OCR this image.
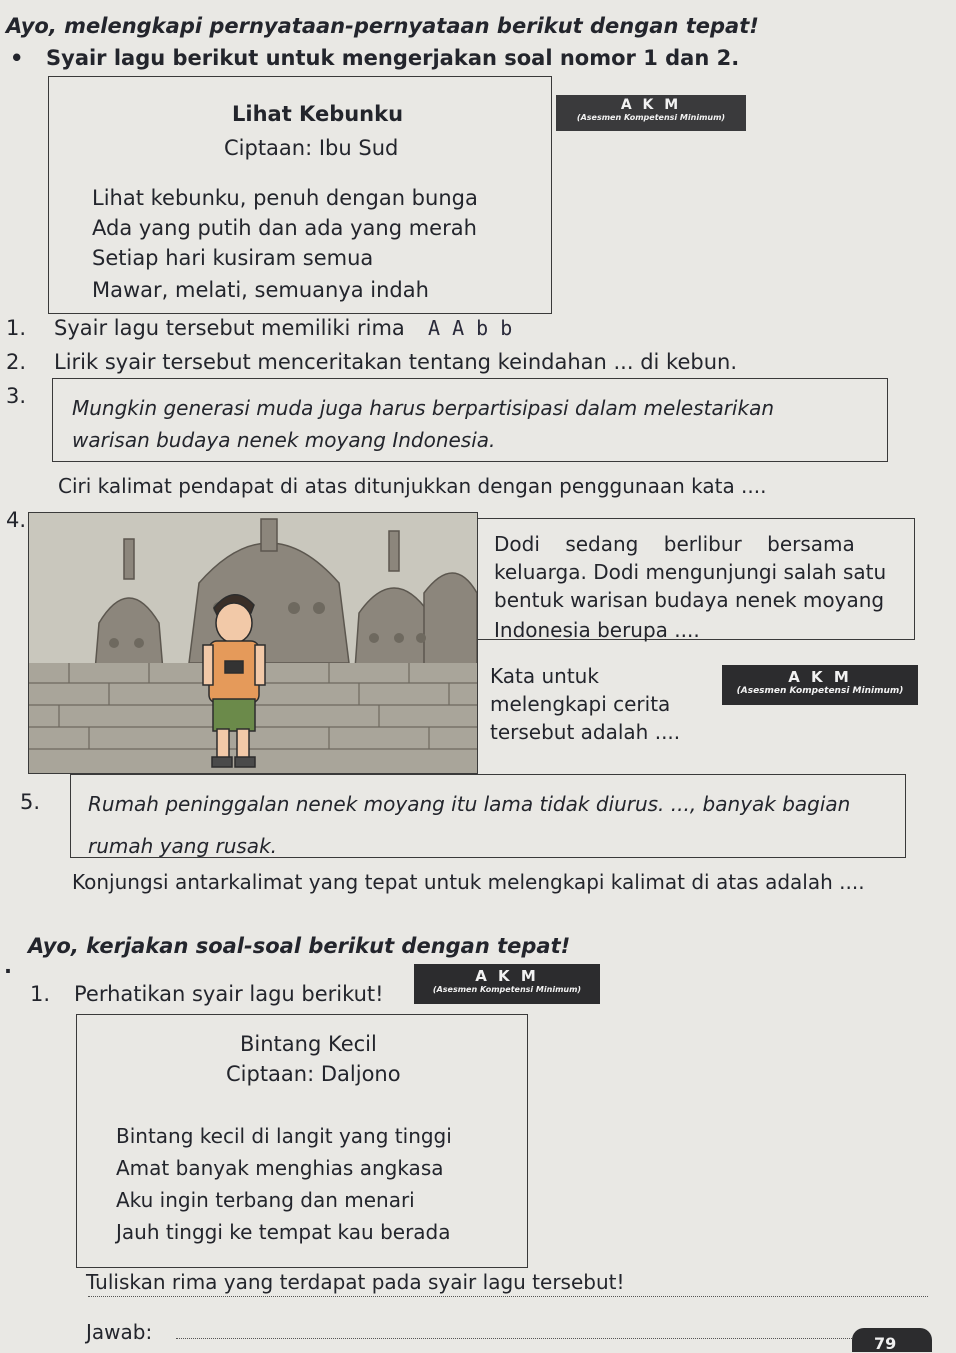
Ayo, melengkapi pernyataan-pernyataan berikut dengan tepat!
• Syair lagu berikut untuk mengerjakan soal nomor 1 dan 2.
Lihat Kebunku
Ciptaan: Ibu Sud
Lihat kebunku, penuh dengan bunga
Ada yang putih dan ada yang merah
Setiap hari kusiram semua
Mawar, melati, semuanya indah
A K M
(Asesmen Kompetensi Minimum)
1. Syair lagu tersebut memiliki rima A A b b
2. Lirik syair tersebut menceritakan tentang keindahan ... di kebun.
3. Mungkin generasi muda juga harus berpartisipasi dalam melestarikan
warisan budaya nenek moyang Indonesia.
Ciri kalimat pendapat di atas ditunjukkan dengan penggunaan kata ....
4.
Dodi    sedang    berlibur    bersama
keluarga. Dodi mengunjungi salah satu
bentuk warisan budaya nenek moyang
Indonesia berupa ....
Kata untuk
melengkapi cerita
tersebut adalah ....
A K M
(Asesmen Kompetensi Minimum)
5. Rumah peninggalan nenek moyang itu lama tidak diurus. ..., banyak bagian
rumah yang rusak.
Konjungsi antarkalimat yang tepat untuk melengkapi kalimat di atas adalah ....
.
Ayo, kerjakan soal-soal berikut dengan tepat!
1. Perhatikan syair lagu berikut!
A K M
(Asesmen Kompetensi Minimum)
Bintang Kecil
Ciptaan: Daljono
Bintang kecil di langit yang tinggi
Amat banyak menghias angkasa
Aku ingin terbang dan menari
Jauh tinggi ke tempat kau berada
Tuliskan rima yang terdapat pada syair lagu tersebut!
Jawab:	79
